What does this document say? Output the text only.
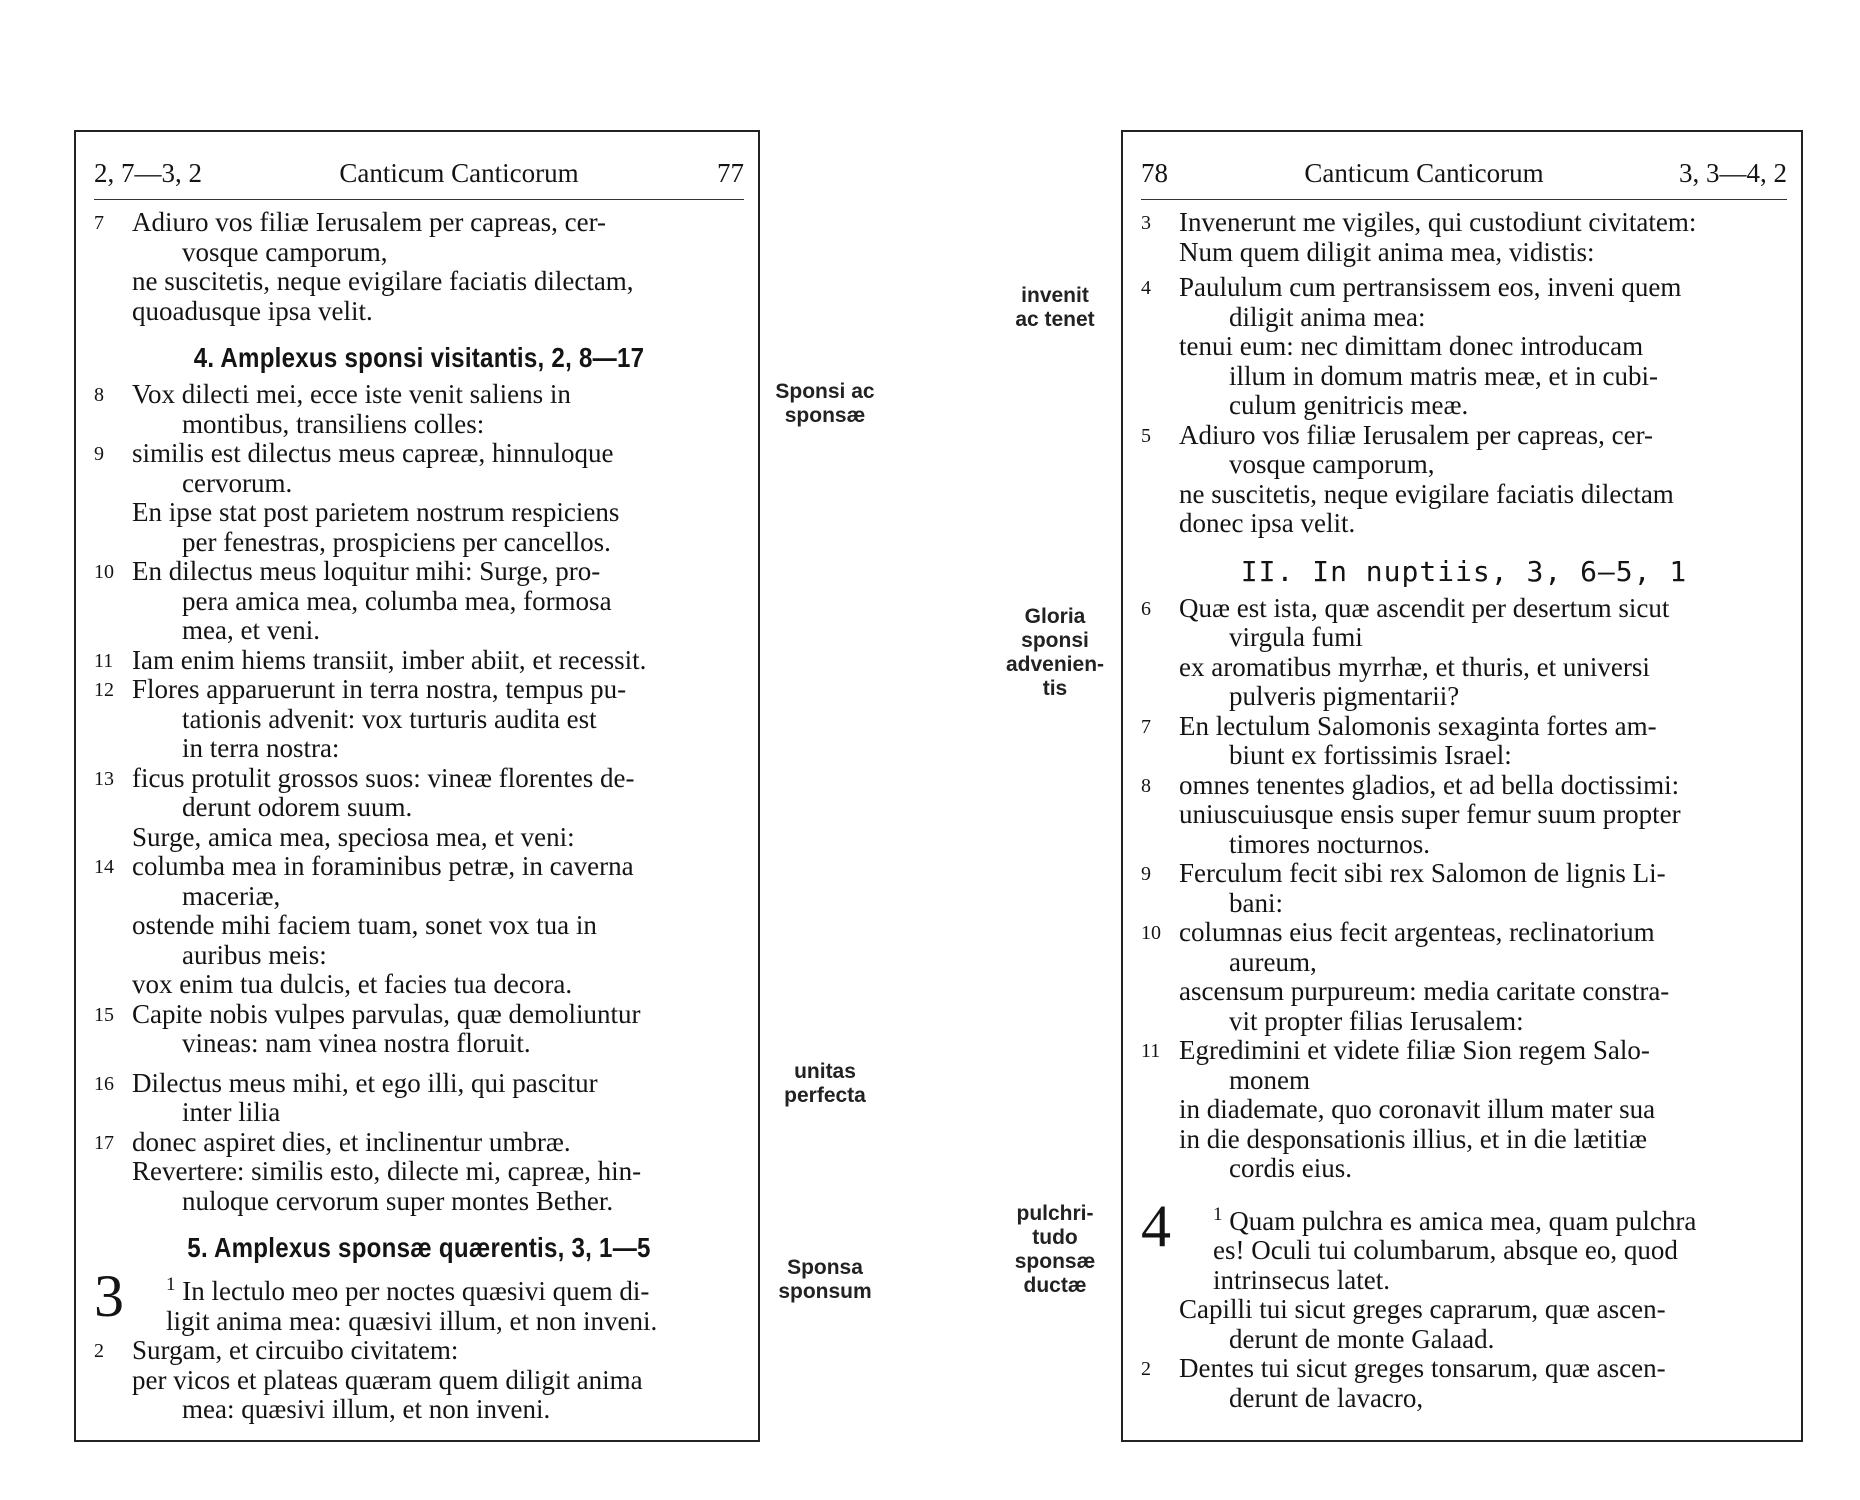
2, 7—3, 2	Canticum Canticorum	77
7	Adiuro vos filiæ Ierusalem per capreas, cer-
vosque camporum,
ne suscitetis, neque evigilare faciatis dilectam,
quoadusque ipsa velit.

4. Amplexus sponsi visitantis, 2, 8—17
8	Vox dilecti mei, ecce iste venit saliens in
montibus, transiliens colles:

9	similis est dilectus meus capreæ, hinnuloque
cervorum.
En ipse stat post parietem nostrum respiciens
per fenestras, prospiciens per cancellos.

10 En dilectus meus loquitur mihi: Surge, pro-
pera amica mea, columba mea, formosa
mea, et veni.

11 Iam enim hiems transiit, imber abiit, et recessit.

12 Flores apparuerunt in terra nostra, tempus pu-
tationis advenit: vox turturis audita est
in terra nostra:

13 ficus protulit grossos suos: vineæ florentes de-
derunt odorem suum.
Surge, amica mea, speciosa mea, et veni:

14 columba mea in foraminibus petræ, in caverna
maceriæ,
ostende mihi faciem tuam, sonet vox tua in
auribus meis:
vox enim tua dulcis, et facies tua decora.

15 Capite nobis vulpes parvulas, quæ demoliuntur
vineas: nam vinea nostra floruit.

16 Dilectus meus mihi, et ego illi, qui pascitur
inter lilia

17 donec aspiret dies, et inclinentur umbræ.
Revertere: similis esto, dilecte mi, capreæ, hin-
nuloque cervorum super montes Bether.

5. Amplexus sponsæ quærentis, 3, 1—5
3 $^1$ In lectulo meo per noctes quæsivi quem di-
ligit anima mea: quæsivi illum, et non inveni.

2	Surgam, et circuibo civitatem:
per vicos et plateas quæram quem diligit anima
mea: quæsivi illum, et non inveni.

Sponsi ac
sponsæ
unitas
perfecta
Sponsa
sponsum
invenit
ac tenet
Gloria
sponsi
advenien-
tis
pulchri-
tudo
sponsæ
ductæ
78	Canticum Canticorum	3, 3—4, 2
3	Invenerunt me vigiles, qui custodiunt civitatem:
Num quem diligit anima mea, vidistis:

4	Paululum cum pertransissem eos, inveni quem
diligit anima mea:
tenui eum: nec dimittam donec introducam
illum in domum matris meæ, et in cubi-
culum genitricis meæ.

5	Adiuro vos filiæ Ierusalem per capreas, cer-
vosque camporum,
ne suscitetis, neque evigilare faciatis dilectam
donec ipsa velit.

II. In nuptiis, 3, 6—5, 1
6	Quæ est ista, quæ ascendit per desertum sicut
virgula fumi
ex aromatibus myrrhæ, et thuris, et universi
pulveris pigmentarii?

7	En lectulum Salomonis sexaginta fortes am-
biunt ex fortissimis Israel:

8	omnes tenentes gladios, et ad bella doctissimi:
uniuscuiusque ensis super femur suum propter
timores nocturnos.

9	Ferculum fecit sibi rex Salomon de lignis Li-
bani:

10 columnas eius fecit argenteas, reclinatorium
aureum,
ascensum purpureum: media caritate constra-
vit propter filias Ierusalem:

11 Egredimini et videte filiæ Sion regem Salo-
monem
in diademate, quo coronavit illum mater sua
in die desponsationis illius, et in die lætitiæ
cordis eius.

4 $^1$ Quam pulchra es amica mea, quam pulchra
es! Oculi tui columbarum, absque eo, quod
intrinsecus latet.

Capilli tui sicut greges caprarum, quæ ascen-
derunt de monte Galaad.

2	Dentes tui sicut greges tonsarum, quæ ascen-
derunt de lavacro,
